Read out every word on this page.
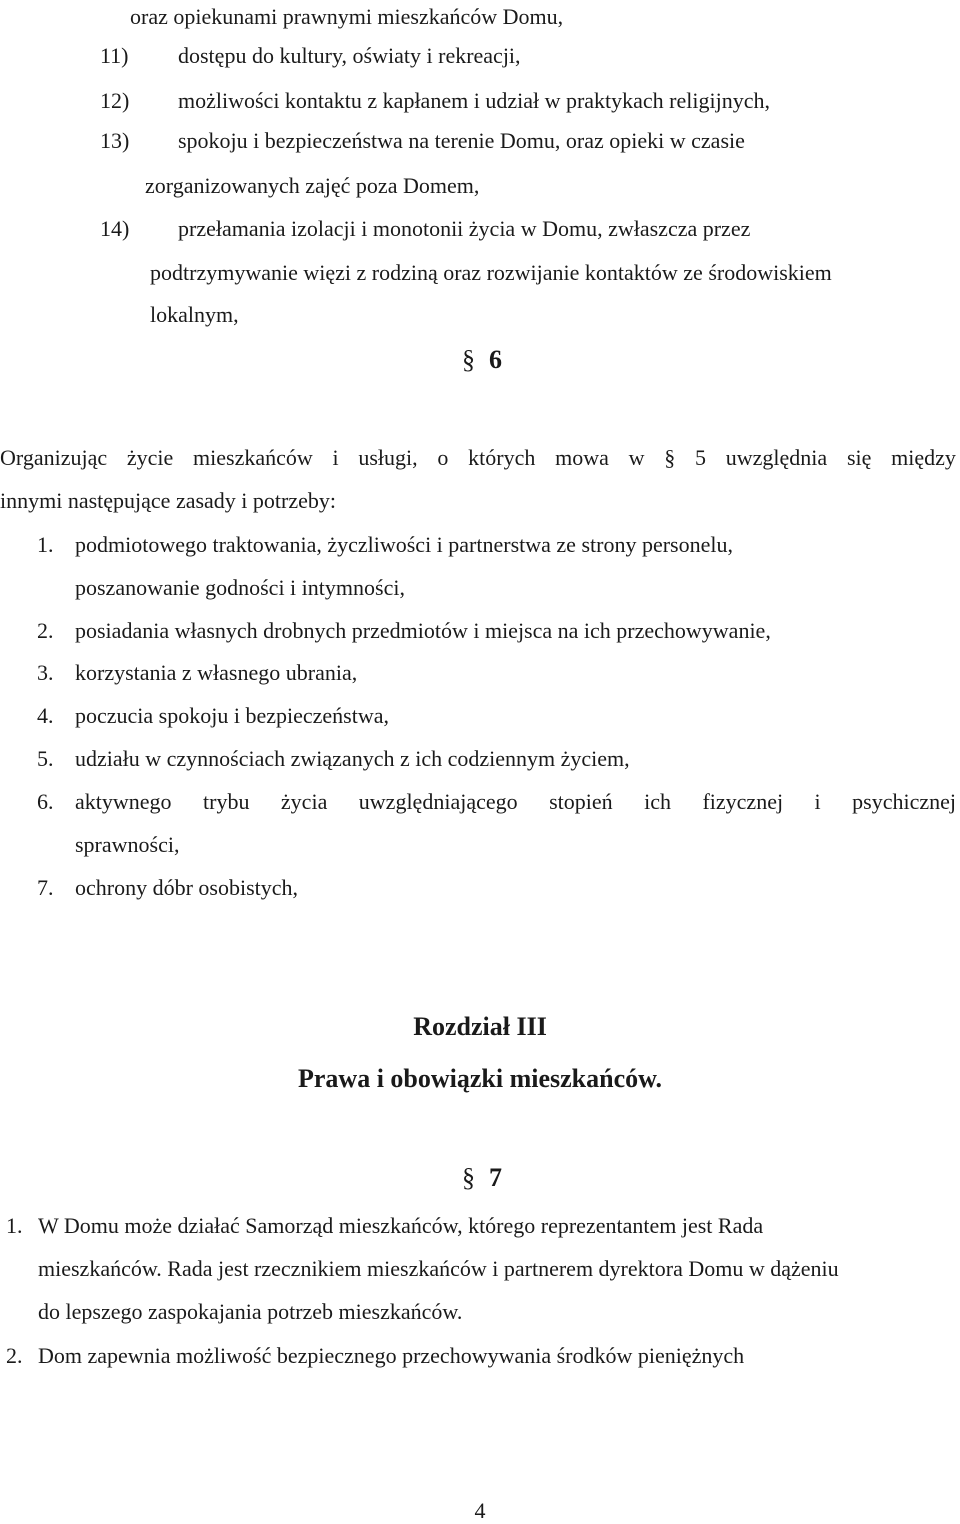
oraz opiekunami prawnymi mieszkańców Domu,
11) dostępu do kultury, oświaty i rekreacji,
12) możliwości kontaktu z kapłanem i udział w praktykach religijnych,
13) spokoju i bezpieczeństwa na terenie Domu, oraz opieki w czasie
zorganizowanych zajęć poza Domem,
14) przełamania izolacji i monotonii życia w Domu, zwłaszcza przez
podtrzymywanie więzi z rodziną oraz rozwijanie kontaktów ze środowiskiem
lokalnym,
§ 6
Organizując życie mieszkańców i usługi, o których mowa w § 5 uwzględnia się między
innymi następujące zasady i potrzeby:
1. podmiotowego traktowania, życzliwości i partnerstwa ze strony personelu,
poszanowanie godności i intymności,
2. posiadania własnych drobnych przedmiotów i miejsca na ich przechowywanie,
3. korzystania z własnego ubrania,
4. poczucia spokoju i bezpieczeństwa,
5. udziału w czynnościach związanych z ich codziennym życiem,
6. aktywnego trybu życia uwzględniającego stopień ich fizycznej i psychicznej
sprawności,
7. ochrony dóbr osobistych,
Rozdział III
Prawa i obowiązki mieszkańców.
§ 7
1. W Domu może działać Samorząd mieszkańców, którego reprezentantem jest Rada
mieszkańców. Rada jest rzecznikiem mieszkańców i partnerem dyrektora Domu w dążeniu
do lepszego zaspokajania potrzeb mieszkańców.
2. Dom zapewnia możliwość bezpiecznego przechowywania środków pieniężnych
4
